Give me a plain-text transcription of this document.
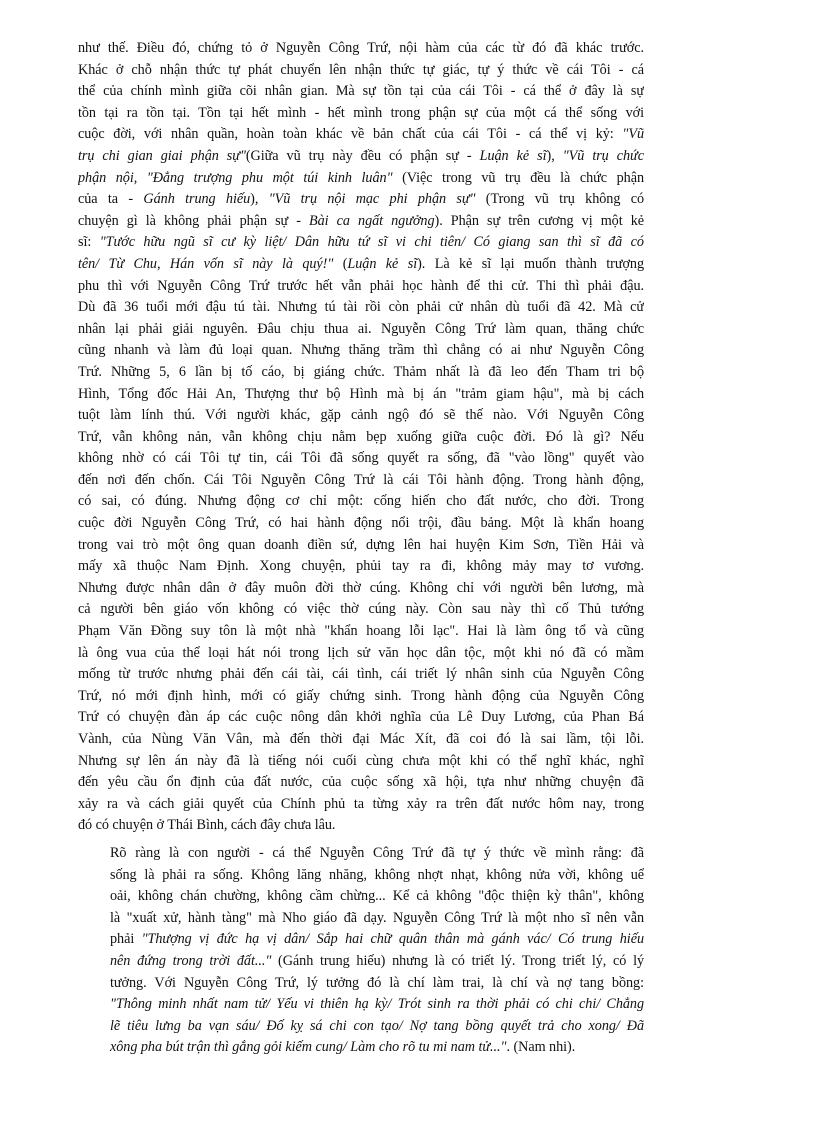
như thế. Điều đó, chứng tỏ ở Nguyễn Công Trứ, nội hàm của các từ đó đã khác trước.
Khác ở chỗ nhận thức tự phát chuyển lên nhận thức tự giác, tự ý thức về cái Tôi - cá
thể của chính mình giữa cõi nhân gian. Mà sự tồn tại của cái Tôi - cá thể ở đây là sự
tồn tại ra tồn tại. Tồn tại hết mình - hết mình trong phận sự của một cá thể sống với
cuộc đời, với nhân quần, hoàn toàn khác về bản chất của cái Tôi - cá thể vị kỷ: "Vũ
trụ chi gian giai phận sự"(Giữa vũ trụ này đều có phận sự - Luận kẻ sĩ), "Vũ trụ chức
phận nội, "Đẳng trượng phu một túi kinh luân" (Việc trong vũ trụ đều là chức phận
của ta - Gánh trung hiếu), "Vũ trụ nội mạc phi phận sự" (Trong vũ trụ không có
chuyện gì là không phải phận sự - Bài ca ngất ngưởng). Phận sự trên cương vị một kẻ
sĩ: "Tước hữu ngũ sĩ cư kỳ liệt/ Dân hữu tứ sĩ vi chi tiên/ Có giang san thì sĩ đã có
tên/ Từ Chu, Hán vốn sĩ này là quý!" (Luận kẻ sĩ). Là kẻ sĩ lại muốn thành trượng
phu thì với Nguyễn Công Trứ trước hết vẫn phải học hành để thi cử. Thi thì phải đậu.
Dù đã 36 tuổi mới đậu tú tài. Nhưng tú tài rồi còn phải cử nhân dù tuổi đã 42. Mà cử
nhân lại phải giải nguyên. Đâu chịu thua ai. Nguyễn Công Trứ làm quan, thăng chức
cũng nhanh và làm đủ loại quan. Nhưng thăng trầm thì chẳng có ai như Nguyễn Công
Trứ. Những 5, 6 lần bị tố cáo, bị giáng chức. Thảm nhất là đã leo đến Tham tri bộ
Hình, Tổng đốc Hải An, Thượng thư bộ Hình mà bị án "trảm giam hậu", mà bị cách
tuột làm lính thú. Với người khác, gặp cảnh ngộ đó sẽ thế nào. Với Nguyễn Công
Trứ, vẫn không nản, vẫn không chịu nằm bẹp xuống giữa cuộc đời. Đó là gì? Nếu
không nhờ có cái Tôi tự tin, cái Tôi đã sống quyết ra sống, đã "vào lồng" quyết vào
đến nơi đến chốn. Cái Tôi Nguyễn Công Trứ là cái Tôi hành động. Trong hành động,
có sai, có đúng. Nhưng động cơ chỉ một: cống hiến cho đất nước, cho đời. Trong
cuộc đời Nguyễn Công Trứ, có hai hành động nổi trội, đầu bảng. Một là khẩn hoang
trong vai trò một ông quan doanh điền sứ, dựng lên hai huyện Kim Sơn, Tiền Hải và
mấy xã thuộc Nam Định. Xong chuyện, phủi tay ra đi, không mảy may tơ vương.
Nhưng được nhân dân ở đây muôn đời thờ cúng. Không chỉ với người bên lương, mà
cả người bên giáo vốn không có việc thờ cúng này. Còn sau này thì cố Thủ tướng
Phạm Văn Đồng suy tôn là một nhà "khẩn hoang lỗi lạc". Hai là làm ông tổ và cũng
là ông vua của thể loại hát nói trong lịch sử văn học dân tộc, một khi nó đã có mầm
mống từ trước nhưng phải đến cái tài, cái tình, cái triết lý nhân sinh của Nguyễn Công
Trứ, nó mới định hình, mới có giấy chứng sinh. Trong hành động của Nguyễn Công
Trứ có chuyện đàn áp các cuộc nông dân khởi nghĩa của Lê Duy Lương, của Phan Bá
Vành, của Nùng Văn Vân, mà đến thời đại Mác Xít, đã coi đó là sai lầm, tội lỗi.
Nhưng sự lên án này đã là tiếng nói cuối cùng chưa một khi có thể nghĩ khác, nghĩ
đến yêu cầu ổn định của đất nước, của cuộc sống xã hội, tựa như những chuyện đã
xảy ra và cách giải quyết của Chính phủ ta từng xảy ra trên đất nước hôm nay, trong
đó có chuyện ở Thái Bình, cách đây chưa lâu.
Rõ ràng là con người - cá thể Nguyễn Công Trứ đã tự ý thức về mình rằng: đã
sống là phải ra sống. Không lăng nhăng, không nhợt nhạt, không nửa vời, không uể
oải, không chán chường, không cầm chừng... Kể cả không "độc thiện kỳ thân", không
là "xuất xử, hành tàng" mà Nho giáo đã dạy. Nguyễn Công Trứ là một nho sĩ nên vẫn
phải "Thượng vị đức hạ vị dân/ Sắp hai chữ quân thân mà gánh vác/ Có trung hiếu
nên đứng trong trời đất..." (Gánh trung hiếu) nhưng là có triết lý. Trong triết lý, có lý
tưởng. Với Nguyễn Công Trứ, lý tưởng đó là chí làm trai, là chí và nợ tang bồng:
"Thông minh nhất nam tử/ Yếu vi thiên hạ kỳ/ Trót sinh ra thời phải có chi chi/ Chẳng
lẽ tiêu lưng ba vạn sáu/ Đố kỵ sá chi con tạo/ Nợ tang bồng quyết trả cho xong/ Đã
xông pha bút trận thì gắng gỏi kiếm cung/ Làm cho rõ tu mi nam tử...". (Nam nhi).
